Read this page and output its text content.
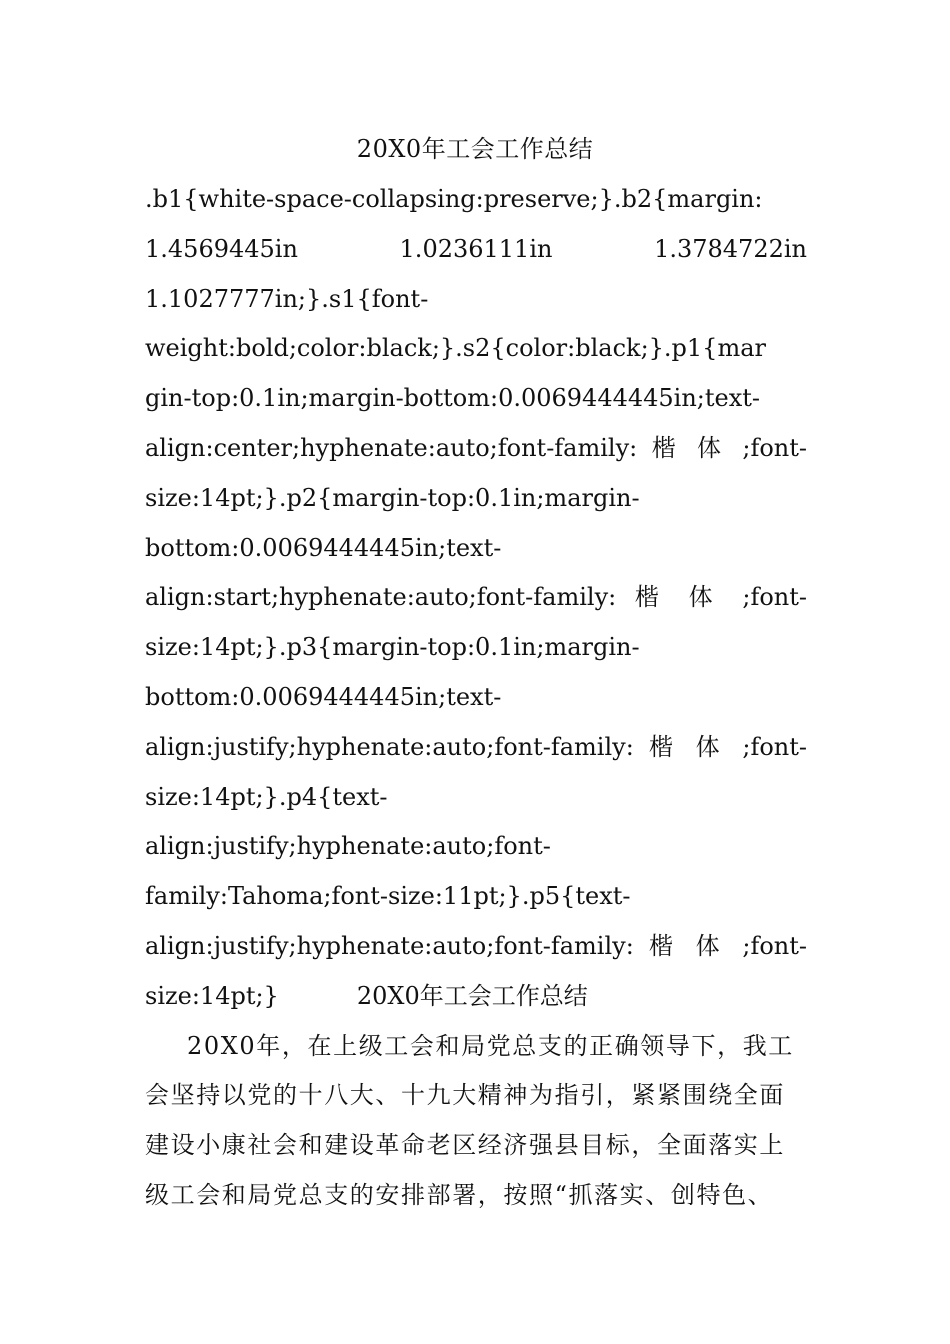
20X0年工会工作总结
.b1{white-space-collapsing:preserve;}.b2{margin:
1.4569445in 1.0236111in 1.3784722in
1.1027777in;}.s1{font-
weight:bold;color:black;}.s2{color:black;}.p1{mar
gin-top:0.1in;margin-bottom:0.0069444445in;text-
align:center;hyphenate:auto;font-family: 楷 体 ;font-
size:14pt;}.p2{margin-top:0.1in;margin-
bottom:0.0069444445in;text-
align:start;hyphenate:auto;font-family: 楷 体 ;font-
size:14pt;}.p3{margin-top:0.1in;margin-
bottom:0.0069444445in;text-
align:justify;hyphenate:auto;font-family: 楷 体 ;font-
size:14pt;}.p4{text-
align:justify;hyphenate:auto;font-
family:Tahoma;font-size:11pt;}.p5{text-
align:justify;hyphenate:auto;font-family: 楷 体 ;font-
size:14pt;}	20X0年工会工作总结
20X0年，在上级工会和局党总支的正确领导下，我工
会坚持以党的十八大、十九大精神为指引，紧紧围绕全面
建设小康社会和建设革命老区经济强县目标，全面落实上
级工会和局党总支的安排部署，按照“抓落实、创特色、
